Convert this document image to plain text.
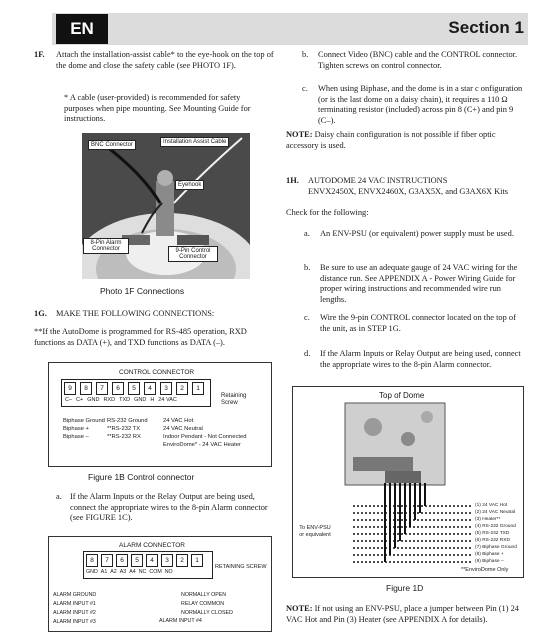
EN	Section 1
1F. Attach the installation-assist cable* to the eye-hook on the top of the dome and close the safety cable (see PHOTO 1F).
* A cable (user-provided) is recommended for safety purposes when pipe mounting. See Mounting Guide for instructions.
BNC Connector	Installation Assist Cable
Eyehook
8-Pin Alarm Connector	9-Pin Control Connector
Photo 1F Connections
1G. MAKE THE FOLLOWING CONNECTIONS:
**If the AutoDome is programmed for RS-485 operation, RXD functions as DATA (+), and TXD functions as DATA (–).
CONTROL CONNECTOR
9	8	7	6	5	4	3	2	1
C– C+ GND RXD TXD GND H 24 VAC
Retaining Screw
Biphase Ground
Biphase +
Biphase –
RS-232 Ground
**RS-232 TX
**RS-232 RX
24 VAC Hot
24 VAC Neutral
Indoor Pendant - Not Connected
EnviroDome* - 24 VAC Heater
Figure 1B Control connector
a. If the Alarm Inputs or the Relay Output are being used, connect the appropriate wires to the 8-pin Alarm connector (see FIGURE 1C).
ALARM CONNECTOR
8	7	6	5	4	3	2	1
GND A1 A2 A3 A4 NC COM NO
RETAINING SCREW
ALARM GROUND
ALARM INPUT #1
ALARM INPUT #2
ALARM INPUT #3	ALARM INPUT #4
NORMALLY OPEN
RELAY COMMON
NORMALLY CLOSED
b. Connect Video (BNC) cable and the CONTROL connector. Tighten screws on control connector.
c. When using Biphase, and the dome is in a star c onfiguration (or is the last dome on a daisy chain), it requires a 110 Ω terminating resistor (included) across pin 8 (C+) and pin 9 (C–).
NOTE: Daisy chain configuration is not possible if fiber optic accessory is used.
1H. AUTODOME 24 VAC INSTRUCTIONS
ENVX2450X, ENVX2460X, G3AX5X, and G3AX6X Kits
Check for the following:
a. An ENV-PSU (or equivalent) power supply must be used.
b. Be sure to use an adequate gauge of 24 VAC wiring for the distance run. See APPENDIX A - Power Wiring Guide for proper wiring instructions and recommended wire run lengths.
c. Wire the 9-pin CONTROL connector located on the top of the unit, as in STEP 1G.
d. If the Alarm Inputs or Relay Output are being used, connect the appropriate wires to the 8-pin Alarm connector.
Top of Dome
To ENV-PSU or equivalent
(1) 24 VAC Hot
(2) 24 VAC Neutral
(3) Heater**
(4) RS-232 Ground
(5) RS-232 TXD
(6) RS-232 RXD
(7) Biphase Ground
(8) Biphase +
(9) Biphase –
**EnviroDome Only
Figure 1D
NOTE: If not using an ENV-PSU, place a jumper between Pin (1) 24 VAC Hot and Pin (3) Heater (see APPENDIX A for details).
